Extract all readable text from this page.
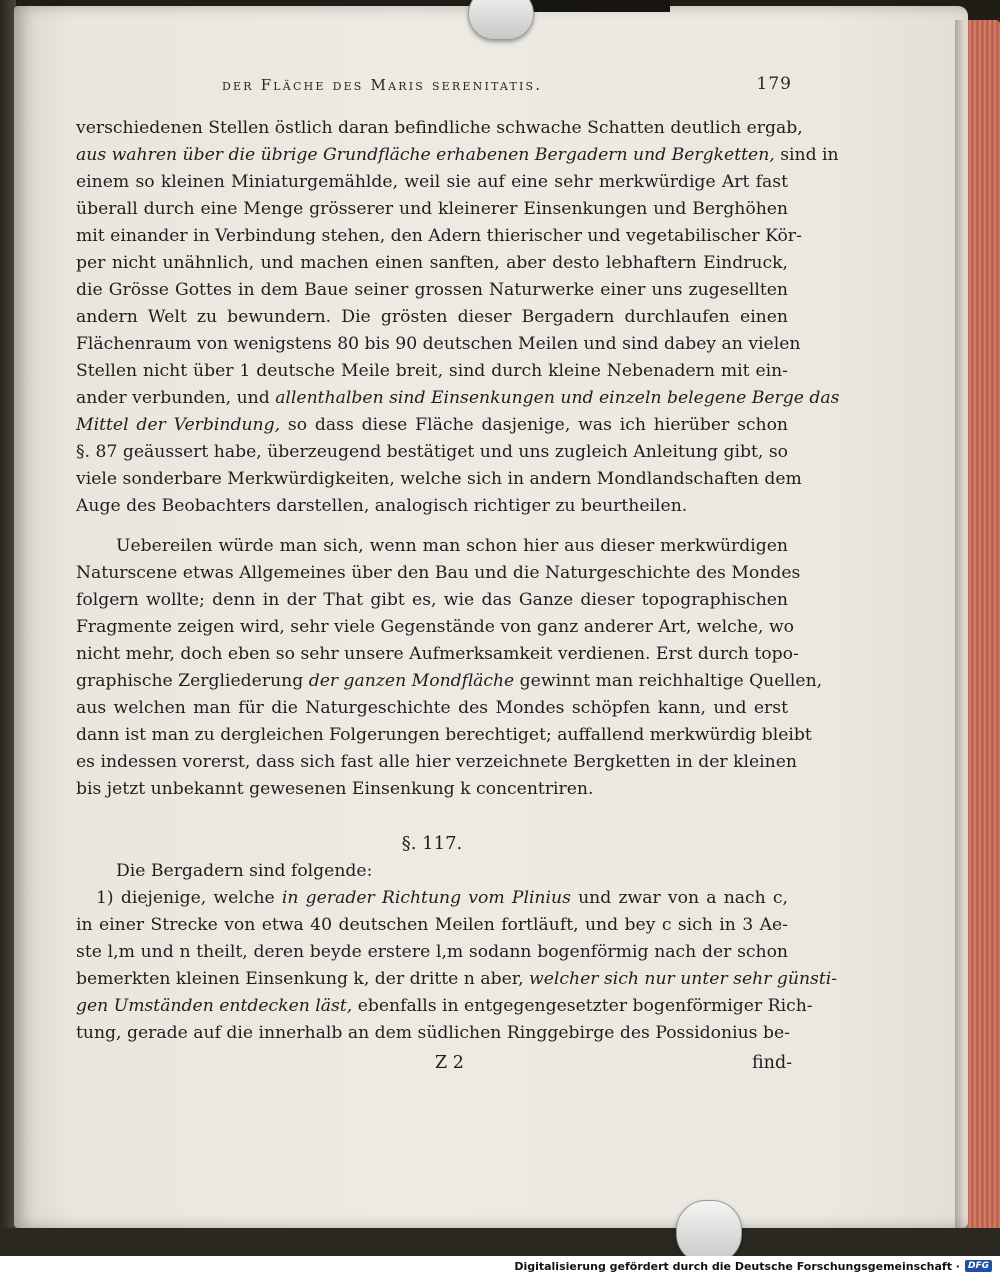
der Fläche des Maris serenitatis.	179
verschiedenen Stellen östlich daran befindliche schwache Schatten deutlich ergab,
aus wahren über die übrige Grundfläche erhabenen Bergadern und Bergketten, sind in
einem so kleinen Miniaturgemählde, weil sie auf eine sehr merkwürdige Art fast
überall durch eine Menge grösserer und kleinerer Einsenkungen und Berghöhen
mit einander in Verbindung stehen, den Adern thierischer und vegetabilischer Kör-
per nicht unähnlich, und machen einen sanften, aber desto lebhaftern Eindruck,
die Grösse Gottes in dem Baue seiner grossen Naturwerke einer uns zugesellten
andern Welt zu bewundern. Die grösten dieser Bergadern durchlaufen einen
Flächenraum von wenigstens 80 bis 90 deutschen Meilen und sind dabey an vielen
Stellen nicht über 1 deutsche Meile breit, sind durch kleine Nebenadern mit ein-
ander verbunden, und allenthalben sind Einsenkungen und einzeln belegene Berge das
Mittel der Verbindung, so dass diese Fläche dasjenige, was ich hierüber schon
§. 87 geäussert habe, überzeugend bestätiget und uns zugleich Anleitung gibt, so
viele sonderbare Merkwürdigkeiten, welche sich in andern Mondlandschaften dem
Auge des Beobachters darstellen, analogisch richtiger zu beurtheilen.
Uebereilen würde man sich, wenn man schon hier aus dieser merkwürdigen
Naturscene etwas Allgemeines über den Bau und die Naturgeschichte des Mondes
folgern wollte; denn in der That gibt es, wie das Ganze dieser topographischen
Fragmente zeigen wird, sehr viele Gegenstände von ganz anderer Art, welche, wo
nicht mehr, doch eben so sehr unsere Aufmerksamkeit verdienen. Erst durch topo-
graphische Zergliederung der ganzen Mondfläche gewinnt man reichhaltige Quellen,
aus welchen man für die Naturgeschichte des Mondes schöpfen kann, und erst
dann ist man zu dergleichen Folgerungen berechtiget; auffallend merkwürdig bleibt
es indessen vorerst, dass sich fast alle hier verzeichnete Bergketten in der kleinen
bis jetzt unbekannt gewesenen Einsenkung k concentriren.
§. 117.
Die Bergadern sind folgende:
1) diejenige, welche in gerader Richtung vom Plinius und zwar von a nach c,
in einer Strecke von etwa 40 deutschen Meilen fortläuft, und bey c sich in 3 Ae-
ste l,m und n theilt, deren beyde erstere l,m sodann bogenförmig nach der schon
bemerkten kleinen Einsenkung k, der dritte n aber, welcher sich nur unter sehr günsti-
gen Umständen entdecken läst, ebenfalls in entgegengesetzter bogenförmiger Rich-
tung, gerade auf die innerhalb an dem südlichen Ringgebirge des Possidonius be-
Z 2	find-
Digitalisierung gefördert durch die Deutsche Forschungsgemeinschaft · DFG
